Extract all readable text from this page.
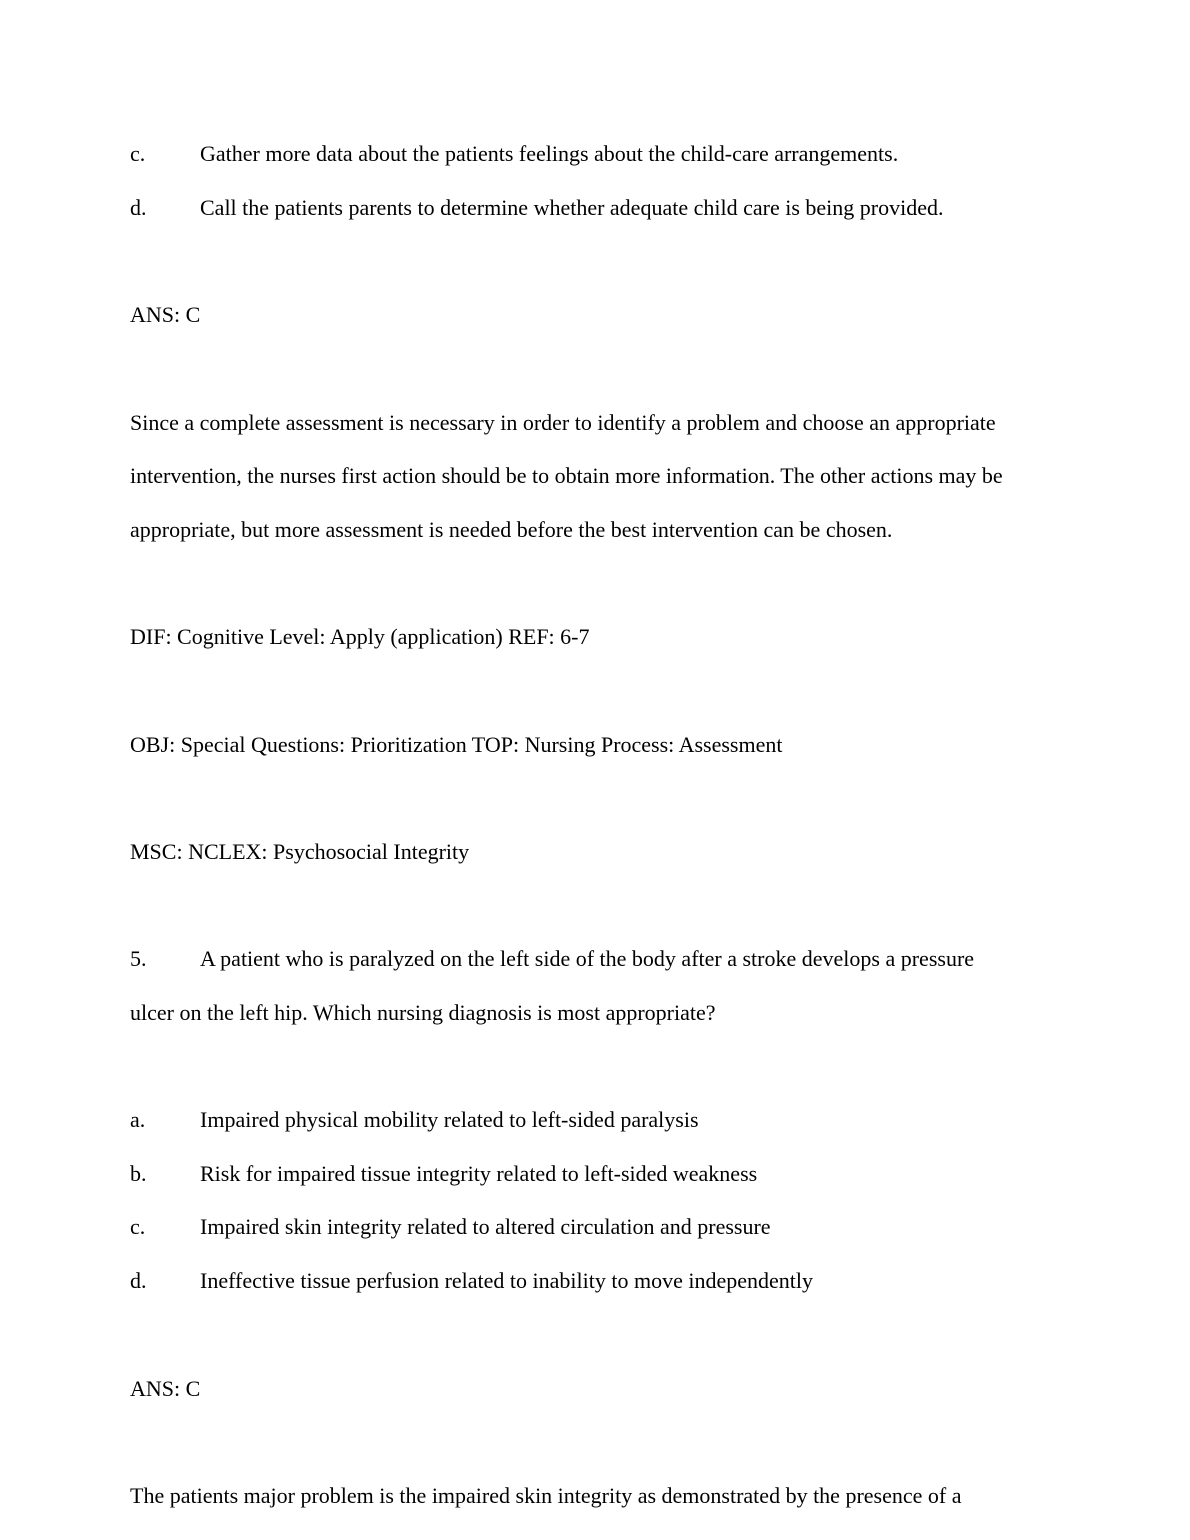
c. Gather more data about the patients feelings about the child-care arrangements.
d. Call the patients parents to determine whether adequate child care is being provided.
ANS: C
Since a complete assessment is necessary in order to identify a problem and choose an appropriate
intervention, the nurses first action should be to obtain more information. The other actions may be
appropriate, but more assessment is needed before the best intervention can be chosen.
DIF: Cognitive Level: Apply (application) REF: 6-7
OBJ: Special Questions: Prioritization TOP: Nursing Process: Assessment
MSC: NCLEX: Psychosocial Integrity
5. A patient who is paralyzed on the left side of the body after a stroke develops a pressure
ulcer on the left hip. Which nursing diagnosis is most appropriate?
a. Impaired physical mobility related to left-sided paralysis
b. Risk for impaired tissue integrity related to left-sided weakness
c. Impaired skin integrity related to altered circulation and pressure
d. Ineffective tissue perfusion related to inability to move independently
ANS: C
The patients major problem is the impaired skin integrity as demonstrated by the presence of a
